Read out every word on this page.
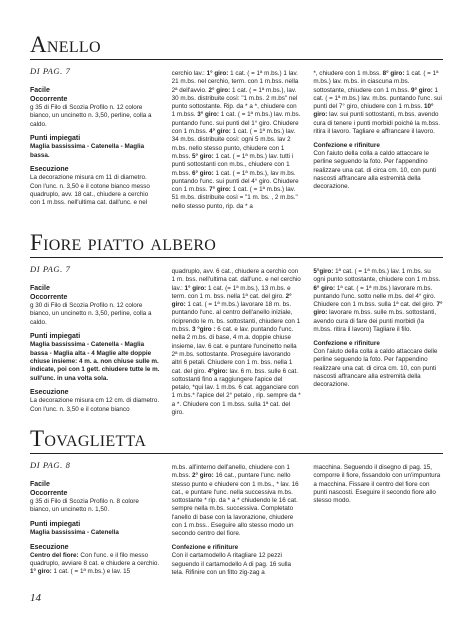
Anello
DI PAG. 7
Facile
Occorrente

g 35 di Filo di Scozia Profilo n. 12 colore bianco, un uncinetto n. 3,50, perline, colla a caldo.

Punti impiegati

Maglia bassissima - Catenella - Maglia bassa.

Esecuzione

La decorazione misura cm 11 di diametro. Con l'unc. n. 3,50 e il cotone bianco messo quadruplo, avv. 18 cat., chiudere a cerchio con 1 m.bss. nell'ultima cat. dall'unc. e nel

cerchio lav.: 1° giro: 1 cat. ( = 1ª m.bs.) 1 lav. 21 m.bs. nel cerchio, term. con 1 m.bss. nella 2ª dell'avvio. 2° giro: 1 cat. ( = 1ª m.bs.), lav. 30 m.bs. distribuite così: "1 m.bs. 2 m.bs" nel punto sottostante. Rip. da * a *, chiudere con 1 m.bss. 3° giro: 1 cat. ( = 1ª m.bs.) lav. m.bs. puntando l'unc. sui punti del 1° giro. Chiudere con 1 m.bss. 4° giro: 1 cat. ( = 1ª m.bs.) lav. 34 m.bs. distribuite così: ogni 5 m.bs. lav 2 m.bs. nello stesso punto, chiudere con 1 m.bss. 5° giro: 1 cat. ( = 1ª m.bs.) lav. tutti i punti sottostanti con m.bs., chiudere con 1 m.bss. 6° giro: 1 cat. ( = 1ª m.bs.), lav m.bs. puntando l'unc. sui punti del 4° giro. Chiudere con 1 m.bss. 7° giro: 1 cat. ( = 1ª m.bs.) lav. 51 m.bs. distribuite così = "1 m. bs. , 2 m.bs." nello stesso punto, rip. da * a

*, chiudere con 1 m.bss. 8° giro: 1 cat. ( = 1ª m.bs.) lav. m.bs. in ciascuna m.bs. sottostante, chiudere con 1 m.bss. 9° giro: 1 cat. ( = 1ª m.bs.) lav. m.bs. puntando l'unc. sui punti del 7° giro, chiudere con 1 m.bss. 10° giro: lav. sui punti sottostanti, m.bss. avendo cura di tenere i punti morbidi poichè la m.bss. ritira il lavoro. Tagliare e affrancare il lavoro.

Confezione e rifiniture

Con l'aiuto della colla a caldo attaccare le perline seguendo la foto. Per l'appendino realizzare una cat. di circa cm. 10, con punti nascosti affrancare alla estremità della decorazione.

Fiore piatto albero
DI PAG. 7
Facile
Occorrente

g 30 di Filo di Scozia Profilo n. 12 colore bianco, un uncinetto n. 3,50, perline, colla a caldo.

Punti impiegati

Maglia bassissima - Catenella - Maglia bassa - Maglia alta - 4 Maglie alte doppie chiuse insieme: 4 m. a. non chiuse sulle m. indicate, poi con 1 gett. chiudere tutte le m. sull'unc. in una volta sola.

Esecuzione

La decorazione misura cm 12 cm. di diametro. Con l'unc. n. 3,50 e il cotone bianco

quadruplo, avv. 6 cat., chiudere a cerchio con 1 m. bss. nell'ultima cat. dall'unc. e nel cerchio lav.: 1° giro: 1 cat. (= 1ª m.bs.), 13 m.bs. e term. con 1 m. bss. nella 1ª cat. del giro. 2° giro: 1 cat. ( = 1ª m.bs.) lavorare 18 m. bs. puntando l'unc. al centro dell'anello iniziale, riciprendo le m. bs. sottostanti, chiudere con 1 m.bss. 3 °giro : 6 cat. e lav. puntando l'unc. nella 2 m.bs. di base, 4 m.a. doppie chiuse insieme, lav. 6 cat. e puntare l'uncinetto nella 2ª m.bs. sottostante. Proseguire lavorando altri 6 petali. Chiudere con 1 m. bss. nella 1 cat. del giro. 4°giro: lav. 6 m. bss. sulle 6 cat. sottostanti fino a raggiungere l'apice del petalo, *qui lav. 1 m.bs. 6 cat. agganciare con 1 m.bs.* l'apice del 2° petalo , rip. sempre da * a *. Chiudere con 1 m.bss. sulla 1ª cat. del giro.

5°giro: 1ª cat. ( = 1ª m.bs.) lav. 1 m.bs. su ogni punto sottostante, chiudere con 1 m.bss. 6° giro: 1ª cat. ( = 1ª m.bs.) lavorare m.bs. puntando l'unc. sotto nelle m.bs. del 4° giro. Chiudere con 1 m.bss. sulla 1ª cat. del giro. 7° giro: lavorare m.bss. sulle m.bs. sottostanti, avendo cura di fare dei punti morbidi (la m.bss. ritira il lavoro) Tagliare il filo.

Confezione e rifiniture

Con l'aiuto della colla a caldo attaccare delle perline seguendo la foto. Per l'appendino realizzare una cat. di circa cm. 10, con punti nascosti affrancare alla estremità della decorazione.

Tovaglietta
DI PAG. 8
Facile
Occorrente

g 35 di Filo di Scozia Profilo n. 8 colore bianco, un uncinetto n. 1,50.

Punti impiegati

Maglia bassissima - Catenella

Esecuzione

Centro del fiore: Con l'unc. e il filo messo quadruplo, avviare 8 cat. e chiudere a cerchio. 1° giro: 1 cat. ( = 1ª m.bs.) e lav. 15

m.bs. all'interno dell'anello, chiudere con 1 m.bss. 2° giro: 16 cat., puntare l'unc. nello stesso punto e chiudere con 1 m.bs., * lav. 16 cat., e puntare l'unc. nella successiva m.bs. sottostante * rip. da * a * chiudendo le 16 cat. sempre nella m.bs. successiva. Completato l'anello di base con la lavorazione, chiudere con 1 m.bss.. Eseguire allo stesso modo un secondo centro del fiore.

Confezione e rifiniture

Con il cartamodello A ritagliare 12 pezzi seguendo il cartamodello A di pag. 16 sulla tela. Rifinire con un fitto zig-zag a

macchina. Seguendo il disegno di pag. 15, comporre il fiore, fissandolo con un'impuntura a macchina. Fissare il centro del fiore con punti nascosti. Eseguire il secondo fiore allo stesso modo.

14
